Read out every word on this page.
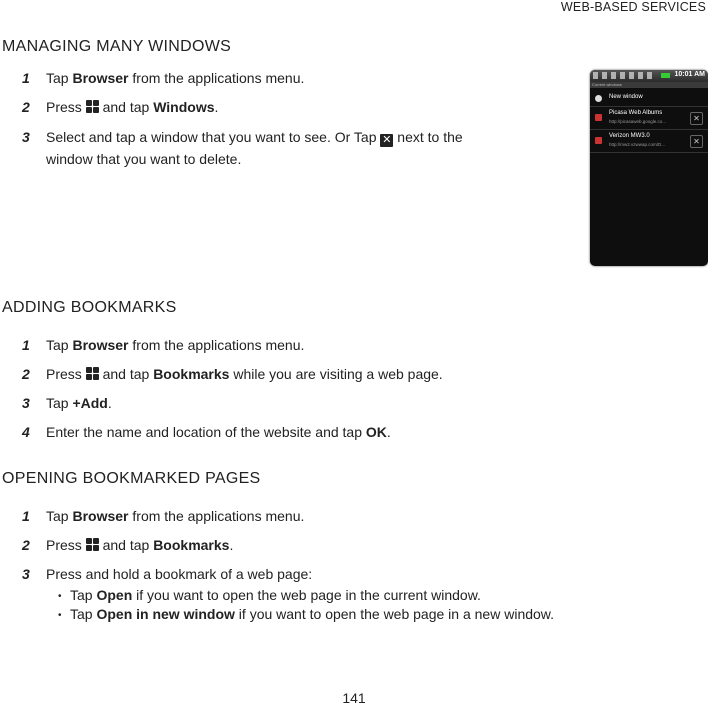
WEB-BASED SERVICES
MANAGING MANY WINDOWS
1	Tap Browser from the applications menu.
2	Press
and tap Windows.
3	Select and tap a window that you want to see. Or Tap ✕ next to the window that you want to delete.
10:01 AM
Current windows
New window
Picasa Web Albums
http://picasaweb.google.co...	✕
Verizon MW3.0
http://mw2.vzwwap.com/D...	✕
ADDING BOOKMARKS
1	Tap Browser from the applications menu.
2	Press
and tap Bookmarks while you are visiting a web page.
3	Tap +Add.
4	Enter the name and location of the website and tap OK.
OPENING BOOKMARKED PAGES
1	Tap Browser from the applications menu.
2	Press
and tap Bookmarks.
3	Press and hold a bookmark of a web page:
• Tap Open if you want to open the web page in the current window.
• Tap Open in new window if you want to open the web page in a new window.
141
